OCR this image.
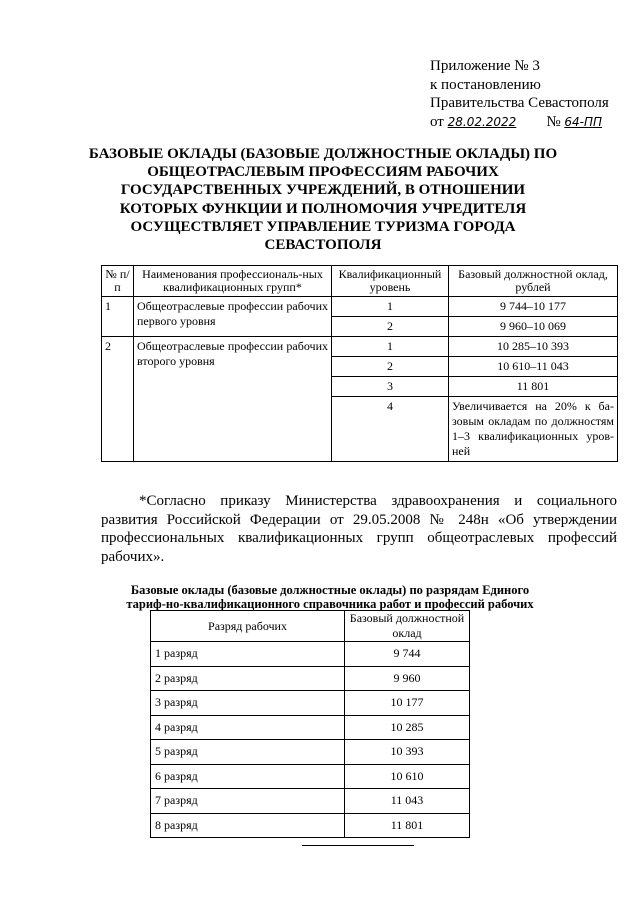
Приложение № 3
к постановлению
Правительства Севастополя
от 28.02.2022 № 64-ПП
БАЗОВЫЕ ОКЛАДЫ (БАЗОВЫЕ ДОЛЖНОСТНЫЕ ОКЛАДЫ) ПО ОБЩЕОТРАСЛЕВЫМ ПРОФЕССИЯМ РАБОЧИХ ГОСУДАРСТВЕННЫХ УЧРЕЖДЕНИЙ, В ОТНОШЕНИИ КОТОРЫХ ФУНКЦИИ И ПОЛНОМОЧИЯ УЧРЕДИТЕЛЯ ОСУЩЕСТВЛЯЕТ УПРАВЛЕНИЕ ТУРИЗМА ГОРОДА СЕВАСТОПОЛЯ
№ п/п	Наименования профессиональ-ных квалификационных групп*	Квалификационный уровень	Базовый должностной оклад, рублей
1	Общеотраслевые профессии рабочих первого уровня	1	9 744–10 177
		2	9 960–10 069
2	Общеотраслевые профессии рабочих второго уровня	1	10 285–10 393
		2	10 610–11 043
		3	11 801
		4	Увеличивается на 20% к ба-зовым окладам по должностям 1–3 квалификационных уров-ней
*Согласно приказу Министерства здравоохранения и социального развития Российской Федерации от 29.05.2008 № 248н «Об утверждении профессиональных квалификационных групп общеотраслевых профессий рабочих».
Базовые оклады (базовые должностные оклады) по разрядам Единого тариф-но-квалификационного справочника работ и профессий рабочих
Разряд рабочих	Базовый должностной оклад
1 разряд	9 744
2 разряд	9 960
3 разряд	10 177
4 разряд	10 285
5 разряд	10 393
6 разряд	10 610
7 разряд	11 043
8 разряд	11 801
